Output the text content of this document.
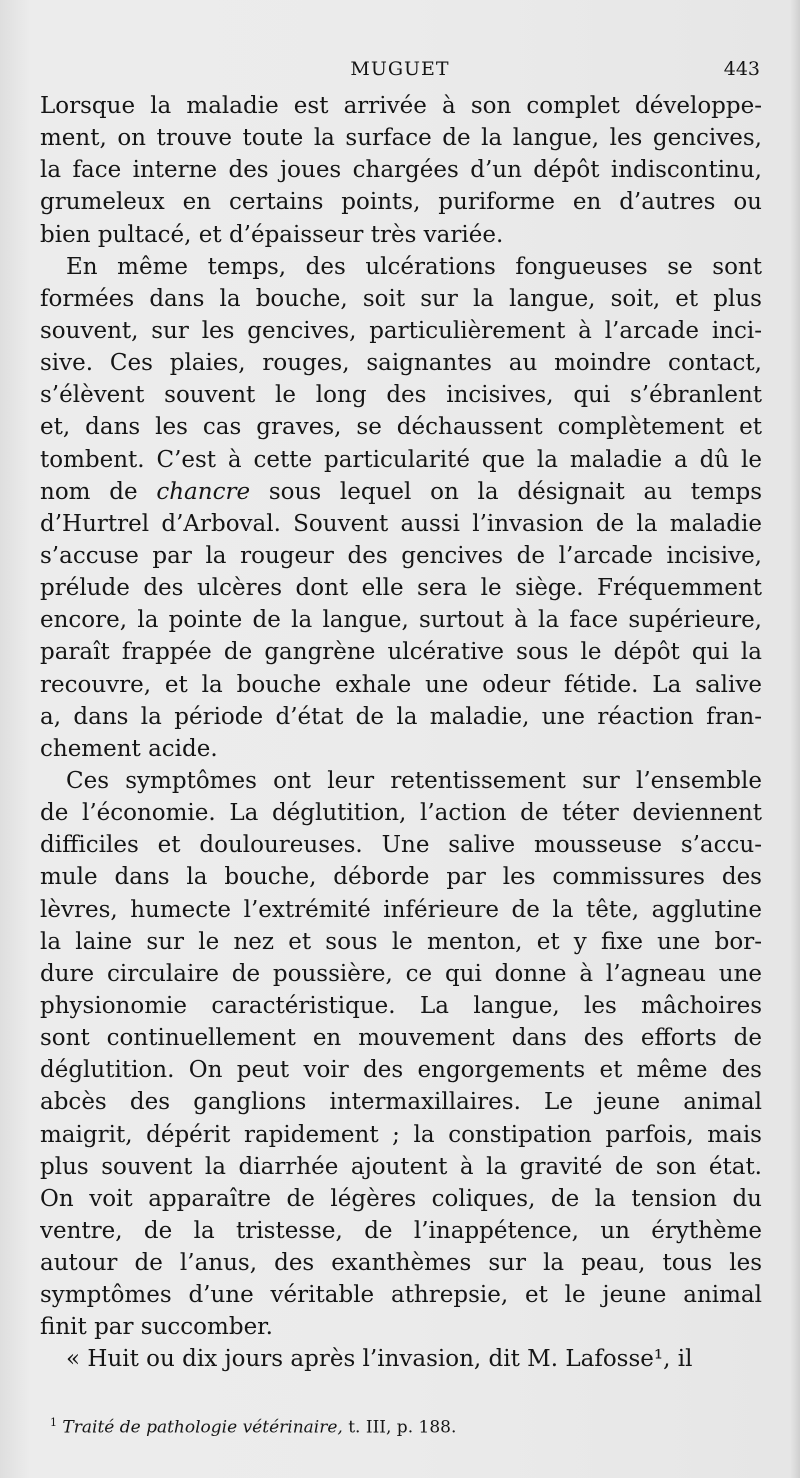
MUGUET	443
Lorsque la maladie est arrivée à son complet développe-
ment, on trouve toute la surface de la langue, les gencives,
la face interne des joues chargées d’un dépôt indiscontinu,
grumeleux en certains points, puriforme en d’autres ou
bien pultacé, et d’épaisseur très variée.
En même temps, des ulcérations fongueuses se sont
formées dans la bouche, soit sur la langue, soit, et plus
souvent, sur les gencives, particulièrement à l’arcade inci-
sive. Ces plaies, rouges, saignantes au moindre contact,
s’élèvent souvent le long des incisives, qui s’ébranlent
et, dans les cas graves, se déchaussent complètement et
tombent. C’est à cette particularité que la maladie a dû le
nom de chancre sous lequel on la désignait au temps
d’Hurtrel d’Arboval. Souvent aussi l’invasion de la maladie
s’accuse par la rougeur des gencives de l’arcade incisive,
prélude des ulcères dont elle sera le siège. Fréquemment
encore, la pointe de la langue, surtout à la face supérieure,
paraît frappée de gangrène ulcérative sous le dépôt qui la
recouvre, et la bouche exhale une odeur fétide. La salive
a, dans la période d’état de la maladie, une réaction fran-
chement acide.
Ces symptômes ont leur retentissement sur l’ensemble
de l’économie. La déglutition, l’action de téter deviennent
difficiles et douloureuses. Une salive mousseuse s’accu-
mule dans la bouche, déborde par les commissures des
lèvres, humecte l’extrémité inférieure de la tête, agglutine
la laine sur le nez et sous le menton, et y fixe une bor-
dure circulaire de poussière, ce qui donne à l’agneau une
physionomie caractéristique. La langue, les mâchoires
sont continuellement en mouvement dans des efforts de
déglutition. On peut voir des engorgements et même des
abcès des ganglions intermaxillaires. Le jeune animal
maigrit, dépérit rapidement ; la constipation parfois, mais
plus souvent la diarrhée ajoutent à la gravité de son état.
On voit apparaître de légères coliques, de la tension du
ventre, de la tristesse, de l’inappétence, un érythème
autour de l’anus, des exanthèmes sur la peau, tous les
symptômes d’une véritable athrepsie, et le jeune animal
finit par succomber.
« Huit ou dix jours après l’invasion, dit M. Lafosse¹, il
$^1$ Traité de pathologie vétérinaire, t. III, p. 188.
